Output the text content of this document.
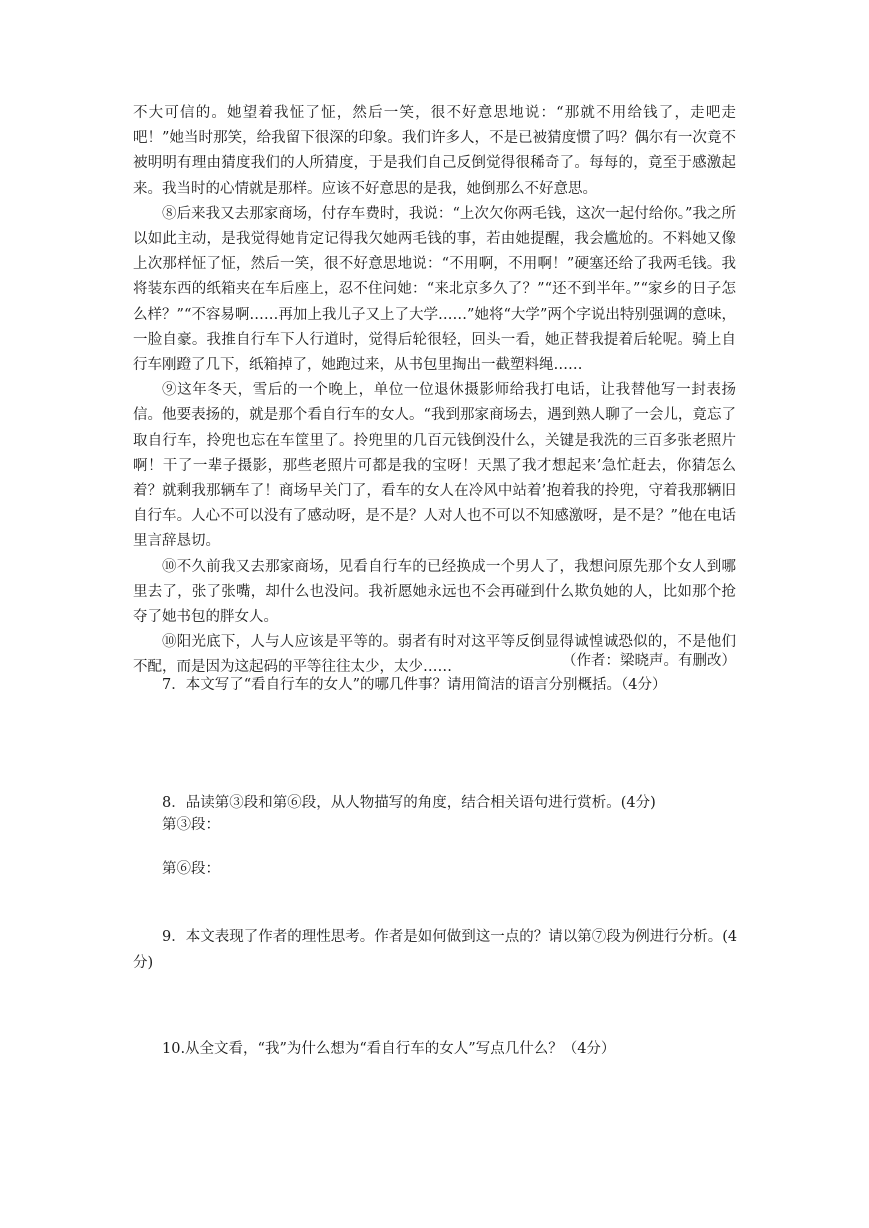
不大可信的。她望着我怔了怔，然后一笑，很不好意思地说：“那就不用给钱了，走吧走吧！”她当时那笑，给我留下很深的印象。我们许多人，不是已被猜度惯了吗？偶尔有一次竟不被明明有理由猜度我们的人所猜度，于是我们自己反倒觉得很稀奇了。每每的，竟至于感激起来。我当时的心情就是那样。应该不好意思的是我，她倒那么不好意思。

⑧后来我又去那家商场，付存车费时，我说：“上次欠你两毛钱，这次一起付给你。”我之所以如此主动，是我觉得她肯定记得我欠她两毛钱的事，若由她提醒，我会尴尬的。不料她又像上次那样怔了怔，然后一笑，很不好意思地说：“不用啊，不用啊！”硬塞还给了我两毛钱。我将装东西的纸箱夹在车后座上，忍不住问她：“来北京多久了？”“还不到半年。”“家乡的日子怎么样？”“不容易啊……再加上我儿子又上了大学……”她将“大学”两个字说出特别强调的意味，一脸自豪。我推自行车下人行道时，觉得后轮很轻，回头一看，她正替我提着后轮呢。骑上自行车刚蹬了几下，纸箱掉了，她跑过来，从书包里掏出一截塑料绳……

⑨这年冬天，雪后的一个晚上，单位一位退休摄影师给我打电话，让我替他写一封表扬信。他要表扬的，就是那个看自行车的女人。“我到那家商场去，遇到熟人聊了一会儿，竟忘了取自行车，拎兜也忘在车筐里了。拎兜里的几百元钱倒没什么，关键是我洗的三百多张老照片啊！干了一辈子摄影，那些老照片可都是我的宝呀！天黑了我才想起来’急忙赶去，你猜怎么着？就剩我那辆车了！商场早关门了，看车的女人在冷风中站着’抱着我的拎兜，守着我那辆旧自行车。人心不可以没有了感动呀，是不是？人对人也不可以不知感激呀，是不是？”他在电话里言辞恳切。

⑩不久前我又去那家商场，见看自行车的已经换成一个男人了，我想问原先那个女人到哪里去了，张了张嘴，却什么也没问。我祈愿她永远也不会再碰到什么欺负她的人，比如那个抢夺了她书包的胖女人。

⑩阳光底下，人与人应该是平等的。弱者有时对这平等反倒显得诚惶诚恐似的，不是他们不配，而是因为这起码的平等往往太少，太少……	（作者：梁晓声。有删改）
7．本文写了“看自行车的女人”的哪几件事？请用简洁的语言分别概括。（4分）
8．品读第③段和第⑥段，从人物描写的角度，结合相关语句进行赏析。(4分)
第③段：
第⑥段：
9．本文表现了作者的理性思考。作者是如何做到这一点的？请以第⑦段为例进行分析。(4分)
10.从全文看，“我”为什么想为“看自行车的女人”写点几什么？（4分）
